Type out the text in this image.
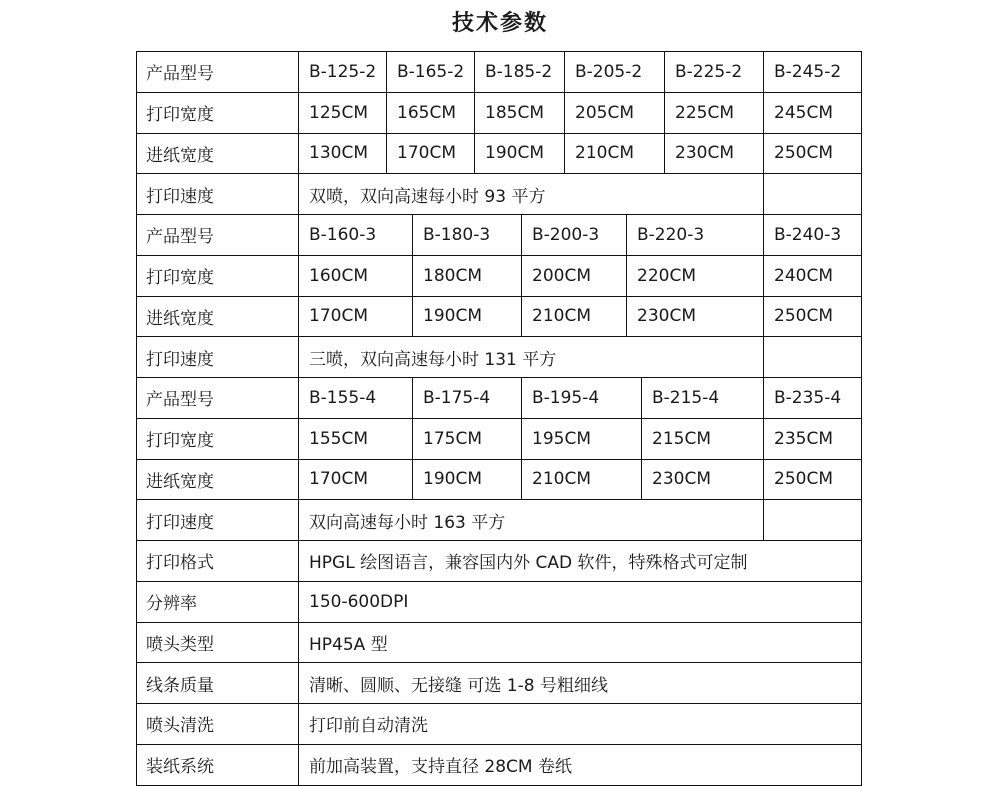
技术参数
产品型号	B-125-2	B-165-2	B-185-2	B-205-2	B-225-2	B-245-2
打印宽度	125CM	165CM	185CM	205CM	225CM	245CM
进纸宽度	130CM	170CM	190CM	210CM	230CM	250CM
打印速度	双喷，双向高速每小时 93 平方
产品型号	B-160-3	B-180-3	B-200-3	B-220-3	B-240-3
打印宽度	160CM	180CM	200CM	220CM	240CM
进纸宽度	170CM	190CM	210CM	230CM	250CM
打印速度	三喷，双向高速每小时 131 平方
产品型号	B-155-4	B-175-4	B-195-4	B-215-4	B-235-4
打印宽度	155CM	175CM	195CM	215CM	235CM
进纸宽度	170CM	190CM	210CM	230CM	250CM
打印速度	双向高速每小时 163 平方
打印格式	HPGL 绘图语言，兼容国内外 CAD 软件，特殊格式可定制
分辨率	150-600DPI
喷头类型	HP45A 型
线条质量	清晰、圆顺、无接缝 可选 1-8 号粗细线
喷头清洗	打印前自动清洗
装纸系统	前加高装置，支持直径 28CM 卷纸
